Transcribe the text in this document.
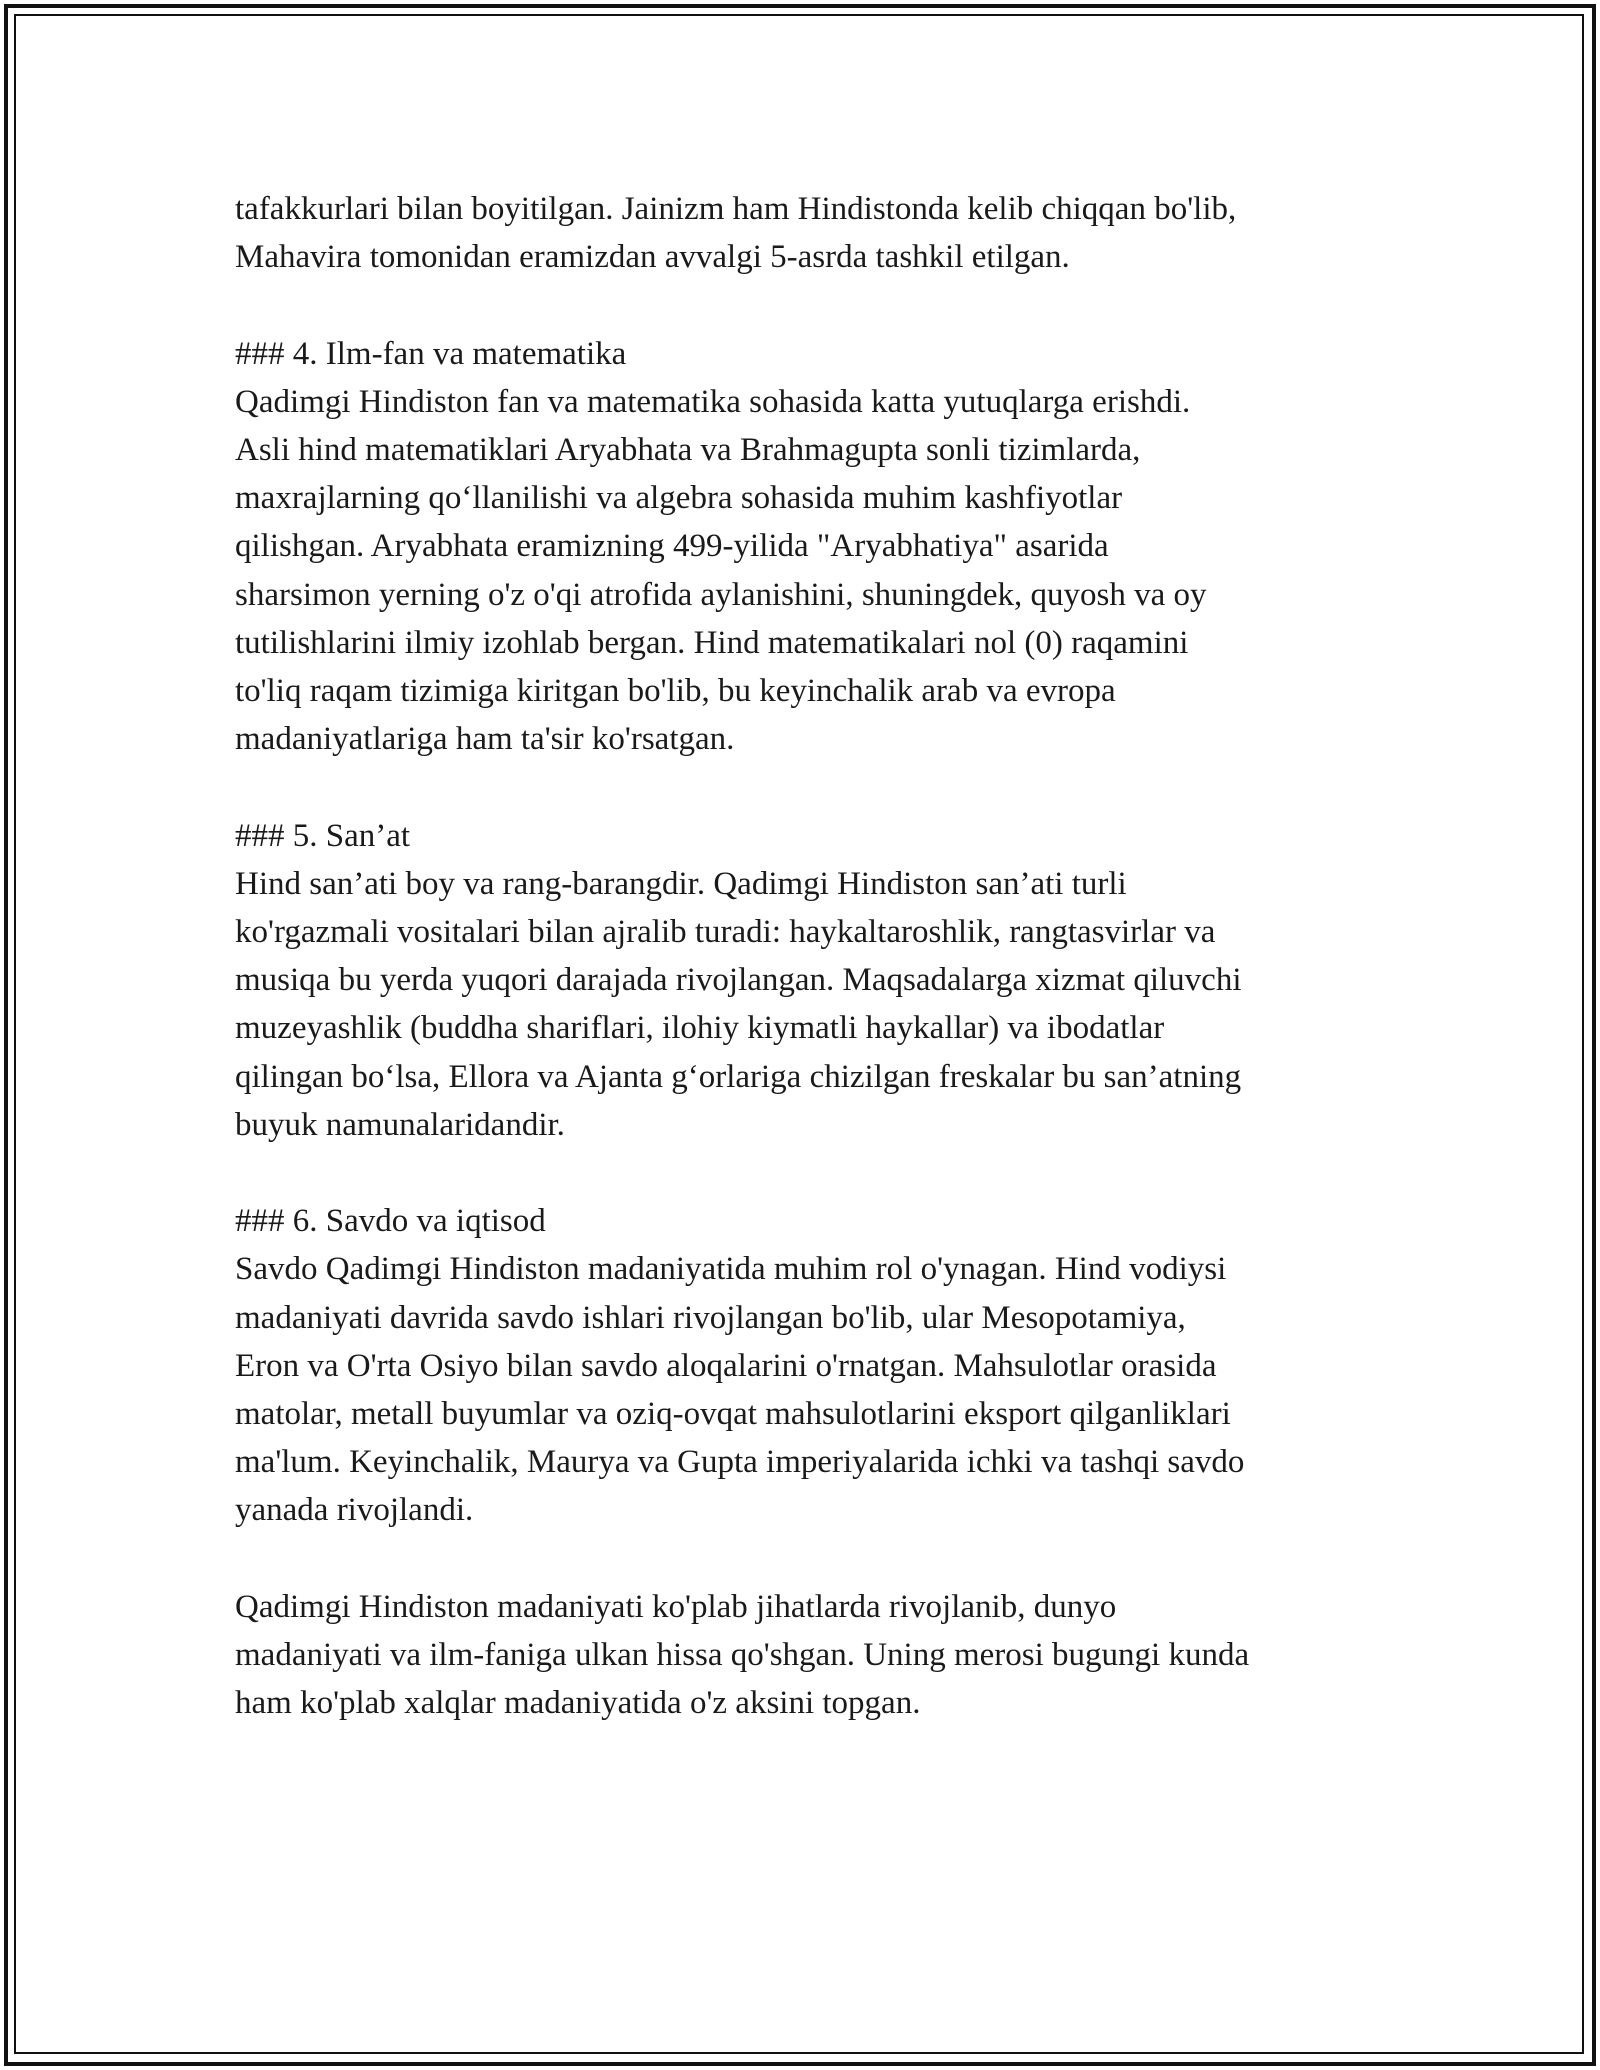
tafakkurlari bilan boyitilgan. Jainizm ham Hindistonda kelib chiqqan bo'lib,
Mahavira tomonidan eramizdan avvalgi 5-asrda tashkil etilgan.
### 4. Ilm-fan va matematika
Qadimgi Hindiston fan va matematika sohasida katta yutuqlarga erishdi.
Asli hind matematiklari Aryabhata va Brahmagupta sonli tizimlarda,
maxrajlarning qo‘llanilishi va algebra sohasida muhim kashfiyotlar
qilishgan. Aryabhata eramizning 499-yilida "Aryabhatiya" asarida
sharsimon yerning o'z o'qi atrofida aylanishini, shuningdek, quyosh va oy
tutilishlarini ilmiy izohlab bergan. Hind matematikalari nol (0) raqamini
to'liq raqam tizimiga kiritgan bo'lib, bu keyinchalik arab va evropa
madaniyatlariga ham ta'sir ko'rsatgan.
### 5. San’at
Hind san’ati boy va rang-barangdir. Qadimgi Hindiston san’ati turli
ko'rgazmali vositalari bilan ajralib turadi: haykaltaroshlik, rangtasvirlar va
musiqa bu yerda yuqori darajada rivojlangan. Maqsadalarga xizmat qiluvchi
muzeyashlik (buddha shariflari, ilohiy kiymatli haykallar) va ibodatlar
qilingan bo‘lsa, Ellora va Ajanta g‘orlariga chizilgan freskalar bu san’atning
buyuk namunalaridandir.
### 6. Savdo va iqtisod
Savdo Qadimgi Hindiston madaniyatida muhim rol o'ynagan. Hind vodiysi
madaniyati davrida savdo ishlari rivojlangan bo'lib, ular Mesopotamiya,
Eron va O'rta Osiyo bilan savdo aloqalarini o'rnatgan. Mahsulotlar orasida
matolar, metall buyumlar va oziq-ovqat mahsulotlarini eksport qilganliklari
ma'lum. Keyinchalik, Maurya va Gupta imperiyalarida ichki va tashqi savdo
yanada rivojlandi.
Qadimgi Hindiston madaniyati ko'plab jihatlarda rivojlanib, dunyo
madaniyati va ilm-faniga ulkan hissa qo'shgan. Uning merosi bugungi kunda
ham ko'plab xalqlar madaniyatida o'z aksini topgan.
